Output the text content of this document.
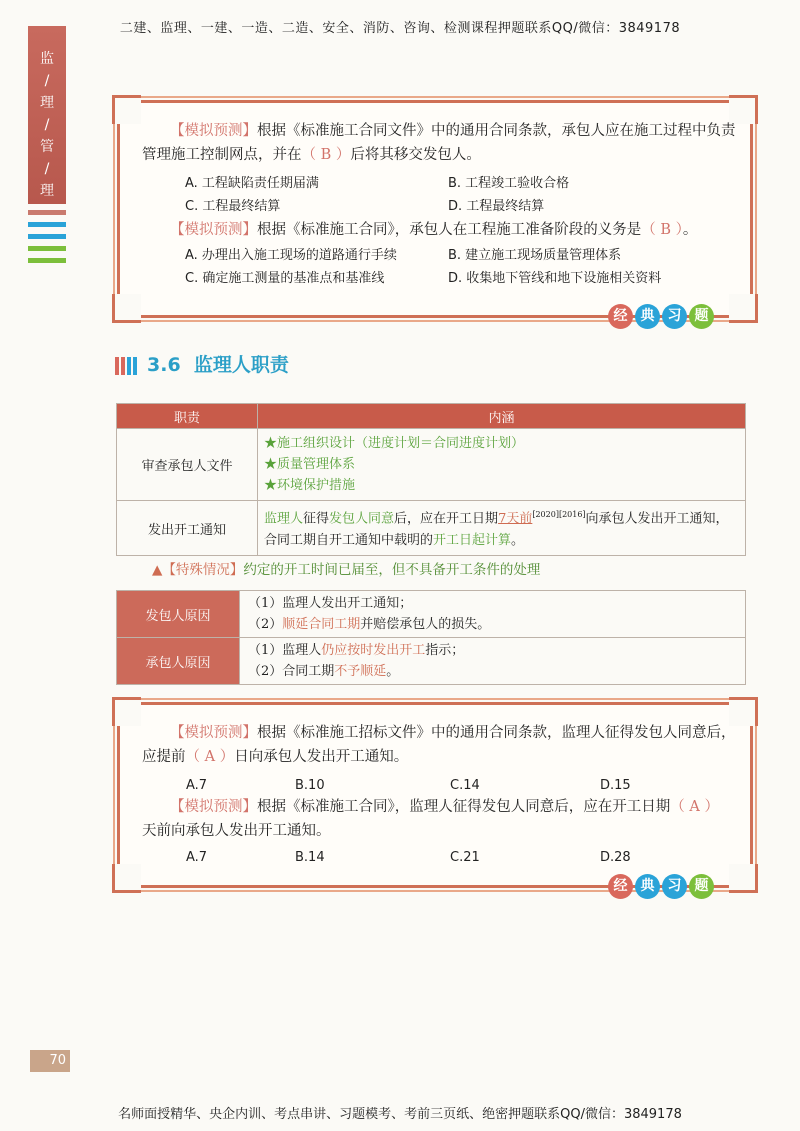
二建、监理、一建、一造、二造、安全、消防、咨询、检测课程押题联系QQ/微信：3849178
监
/
理
/
管
/
理
【模拟预测】根据《标准施工合同文件》中的通用合同条款，承包人应在施工过程中负责
管理施工控制网点，并在（ B ）后将其移交发包人。
A. 工程缺陷责任期届满	B. 工程竣工验收合格
C. 工程最终结算	D. 工程最终结算
【模拟预测】根据《标准施工合同》，承包人在工程施工准备阶段的义务是（ B ）。
A. 办理出入施工现场的道路通行手续	B. 建立施工现场质量管理体系
C. 确定施工测量的基准点和基准线	D. 收集地下管线和地下设施相关资料
经 典 习 题
3.6 监理人职责
职责	内涵
审查承包人文件	★施工组织设计（进度计划＝合同进度计划）
★质量管理体系
★环境保护措施

发出开工通知	监理人征得发包人同意后，应在开工日期7天前[2020][2016]向承包人发出开工通知，合同工期自开工通知中载明的开工日起计算。
▲【特殊情况】约定的开工时间已届至，但不具备开工条件的处理
发包人原因	（1）监理人发出开工通知；
（2）顺延合同工期并赔偿承包人的损失。

承包人原因	（1）监理人仍应按时发出开工指示；
（2）合同工期不予顺延。
【模拟预测】根据《标准施工招标文件》中的通用合同条款，监理人征得发包人同意后，
应提前（ A ）日向承包人发出开工通知。
A.7	B.10	C.14	D.15
【模拟预测】根据《标准施工合同》，监理人征得发包人同意后，应在开工日期（ A ）
天前向承包人发出开工通知。
A.7	B.14	C.21	D.28
经 典 习 题
70
名师面授精华、央企内训、考点串讲、习题模考、考前三页纸、绝密押题联系QQ/微信：3849178
